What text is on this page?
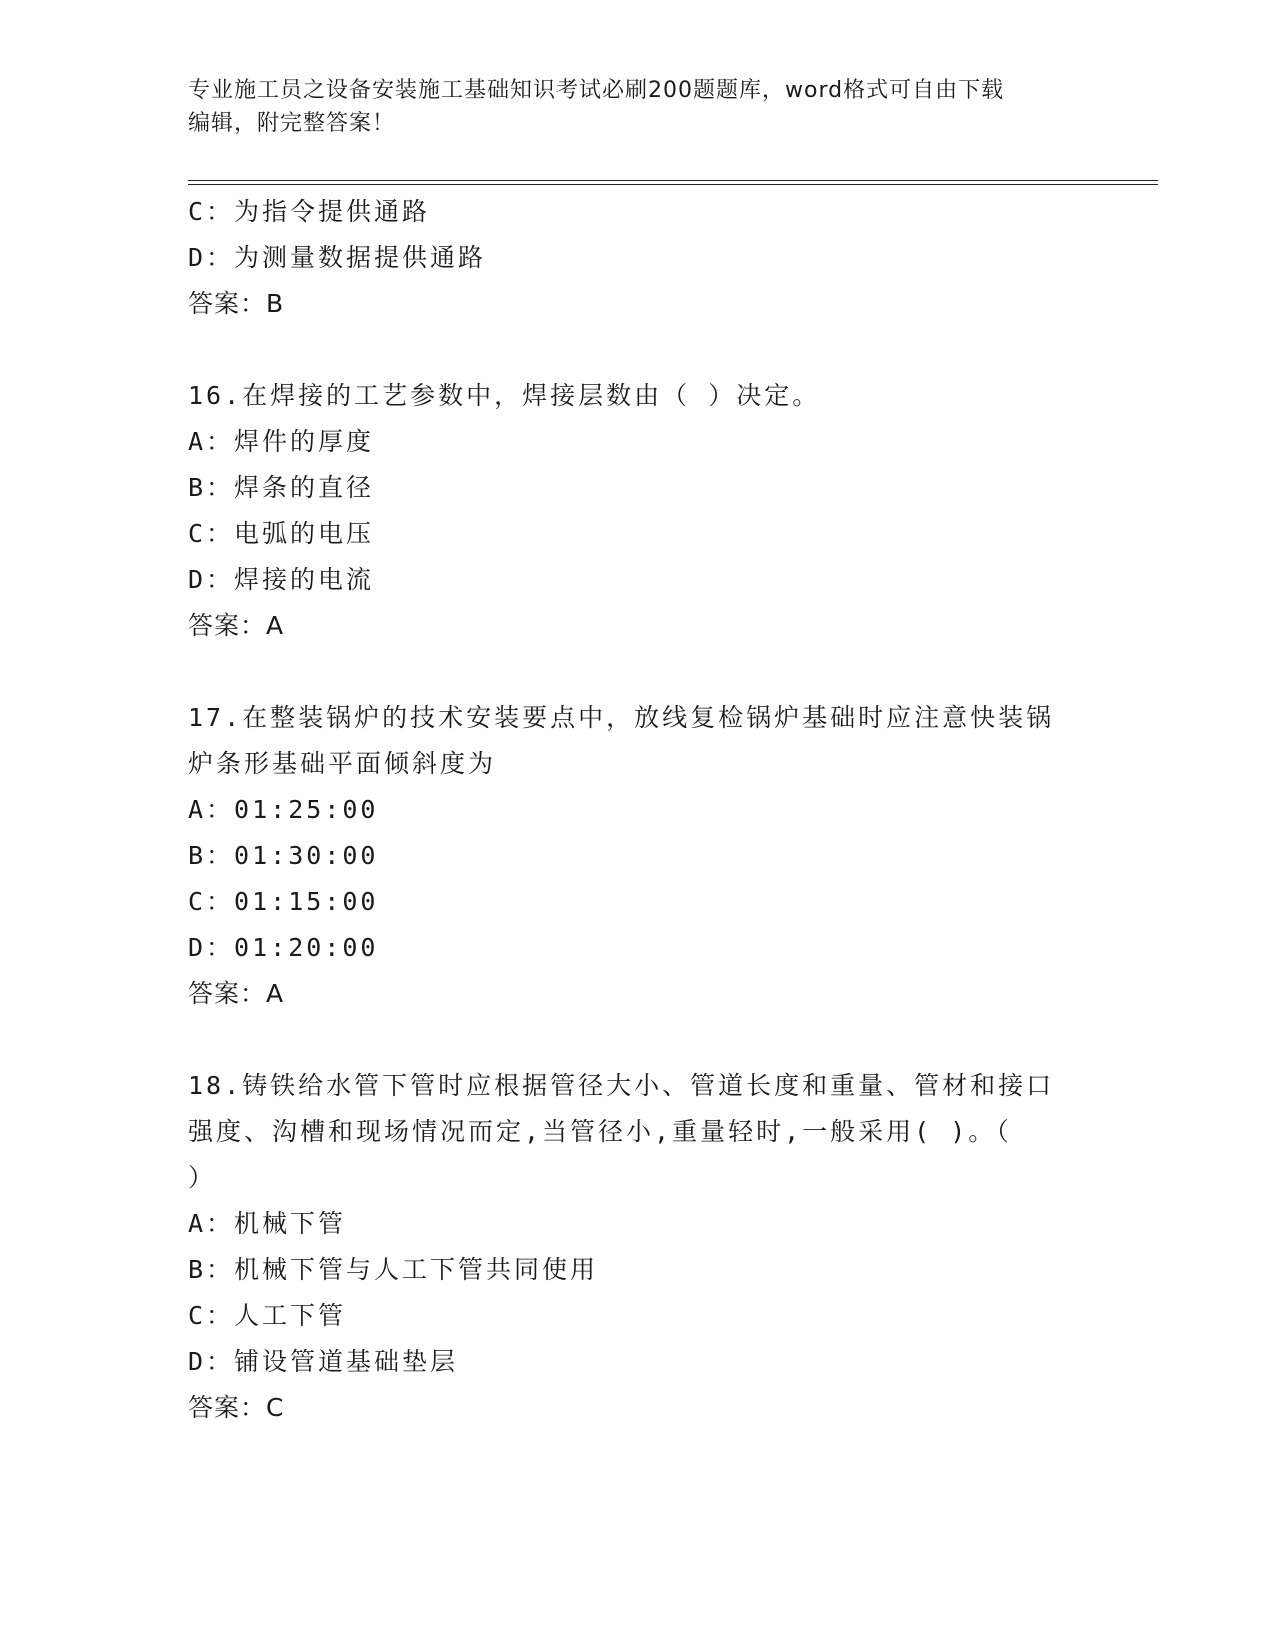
专业施工员之设备安装施工基础知识考试必刷200题题库，word格式可自由下载
编辑，附完整答案！
C：为指令提供通路
D：为测量数据提供通路
答案：B
16.在焊接的工艺参数中，焊接层数由（ ）决定。
A：焊件的厚度
B：焊条的直径
C：电弧的电压
D：焊接的电流
答案：A
17.在整装锅炉的技术安装要点中，放线复检锅炉基础时应注意快装锅
炉条形基础平面倾斜度为
A：01:25:00
B：01:30:00
C：01:15:00
D：01:20:00
答案：A
18.铸铁给水管下管时应根据管径大小、管道长度和重量、管材和接口
强度、沟槽和现场情况而定,当管径小,重量轻时,一般采用( )。（
）
A：机械下管
B：机械下管与人工下管共同使用
C：人工下管
D：铺设管道基础垫层
答案：C
